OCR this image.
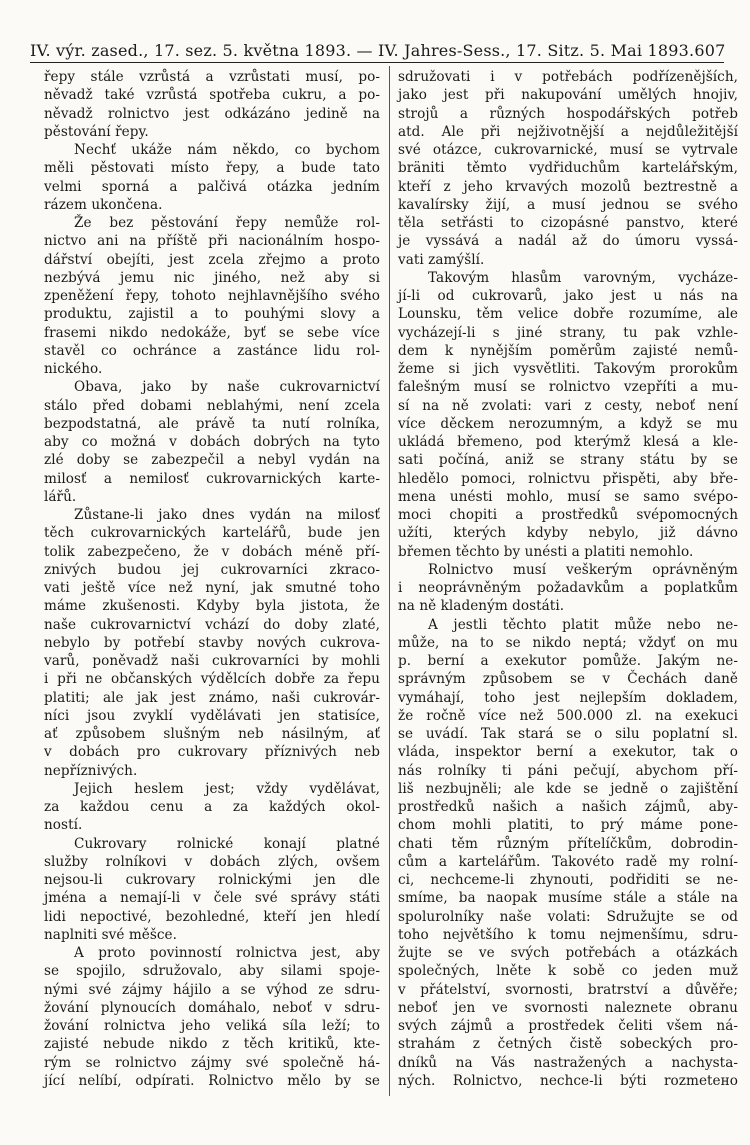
IV. výr. zased., 17. sez. 5. května 1893. — IV. Jahres-Sess., 17. Sitz. 5. Mai 1893. 607
řepy stále vzrůstá a vzrůstati musí, po-
něvadž také vzrůstá spotřeba cukru, a po-
něvadž rolnictvo jest odkázáno jedině na
pěstování řepy.
Nechť ukáže nám někdo, co bychom
měli pěstovati místo řepy, a bude tato
velmi sporná a palčivá otázka jedním
rázem ukončena.
Že bez pěstování řepy nemůže rol-
nictvo ani na příště při nacionálním hospo-
dářství obejíti, jest zcela zřejmo a proto
nezbývá jemu nic jiného, než aby si
zpeněžení řepy, tohoto nejhlavnějšího svého
produktu, zajistil a to pouhými slovy a
frasemi nikdo nedokáže, byť se sebe více
stavěl co ochránce a zastánce lidu rol-
nického.
Obava, jako by naše cukrovarnictví
stálo před dobami neblahými, není zcela
bezpodstatná, ale právě ta nutí rolníka,
aby co možná v dobách dobrých na tyto
zlé doby se zabezpečil a nebyl vydán na
milosť a nemilosť cukrovarnických karte-
lářů.
Zůstane-li jako dnes vydán na milosť
těch cukrovarnických kartelářů, bude jen
tolik zabezpečeno, že v dobách méně pří-
znivých budou jej cukrovarníci zkraco-
vati ještě více než nyní, jak smutné toho
máme zkušenosti. Kdyby byla jistota, že
naše cukrovarnictví vchází do doby zlaté,
nebylo by potřebí stavby nových cukrova-
varů, poněvadž naši cukrovarníci by mohli
i při ne občanských výdělcích dobře za řepu
platiti; ale jak jest známo, naši cukrovár-
níci jsou zvyklí vydělávati jen statisíce,
ať způsobem slušným neb násilným, ať
v dobách pro cukrovary příznivých neb
nepříznivých.
Jejich heslem jest; vždy vydělávat,
za každou cenu a za každých okol-
ností.
Cukrovary rolnické konají platné
služby rolníkovi v dobách zlých, ovšem
nejsou-li cukrovary rolnickými jen dle
jména a nemají-li v čele své správy státi
lidi nepoctivé, bezohledné, kteří jen hledí
naplniti své měšce.
A proto povinností rolnictva jest, aby
se spojilo, sdružovalo, aby silami spoje-
nými své zájmy hájilo a se výhod ze sdru-
žování plynoucích domáhalo, neboť v sdru-
žování rolnictva jeho veliká síla leží; to
zajisté nebude nikdo z těch kritiků, kte-
rým se rolnictvo zájmy své společně há-
jící nelíbí, odpírati. Rolnictvo mělo by se
sdružovati i v potřebách podřízenějších,
jako jest při nakupování umělých hnojiv,
strojů a různých hospodářských potřeb
atd. Ale při nejživotnější a nejdůležitější
své otázce, cukrovarnické, musí se vytrvale
bräniti těmto vydřiduchům kartelářským,
kteří z jeho krvavých mozolů beztrestně a
kavalírsky žijí, a musí jednou se svého
těla setřásti to cizopásné panstvo, které
je vyssává a nadál až do úmoru vyssá-
vati zamýšlí.
Takovým hlasům varovným, vycháze-
jí-li od cukrovarů, jako jest u nás na
Lounsku, těm velice dobře rozumíme, ale
vycházejí-li s jiné strany, tu pak vzhle-
dem k nynějším poměrům zajisté nemů-
žeme si jich vysvětliti. Takovým prorokům
falešným musí se rolnictvo vzepříti a mu-
sí na ně zvolati: vari z cesty, neboť není
více děckem nerozumným, a když se mu
ukládá břemeno, pod kterýmž klesá a kle-
sati počíná, aniž se strany státu by se
hledělo pomoci, rolnictvu přispěti, aby bře-
mena unésti mohlo, musí se samo svépo-
moci chopiti a prostředků svépomocných
užíti, kterých kdyby nebylo, již dávno
břemen těchto by unésti a platiti nemohlo.
Rolnictvo musí veškerým oprávněným
i neoprávněným požadavkům a poplatkům
na ně kladeným dostáti.
A jestli těchto platit může nebo ne-
může, na to se nikdo neptá; vždyť on mu
p. berní a exekutor pomůže. Jakým ne-
správným způsobem se v Čechách daně
vymáhají, toho jest nejlepším dokladem,
že ročně více než 500.000 zl. na exekuci
se uvádí. Tak stará se o silu poplatní sl.
vláda, inspektor berní a exekutor, tak o
nás rolníky ti páni pečují, abychom pří-
liš nezbujněli; ale kde se jedně o zajištění
prostředků našich a našich zájmů, aby-
chom mohli platiti, to prý máme pone-
chati těm různým přítelíčkům, dobrodin-
cům a kartelářům. Takovéto radě my rolní-
ci, nechceme-li zhynouti, podřiditi se ne-
smíme, ba naopak musíme stále a stále na
spolurolníky naše volati: Sdružujte se od
toho největšího k tomu nejmenšímu, sdru-
žujte se ve svých potřebách a otázkách
společných, lněte k sobě co jeden muž
v přátelství, svornosti, bratrství a důvěře;
neboť jen ve svornosti naleznete obranu
svých zájmů a prostředek čeliti všem ná-
strahám z četných čistě sobeckých pro-
dníků na Vás nastražených a nachysta-
ných. Rolnictvo, nechce-li býti rozmetено
